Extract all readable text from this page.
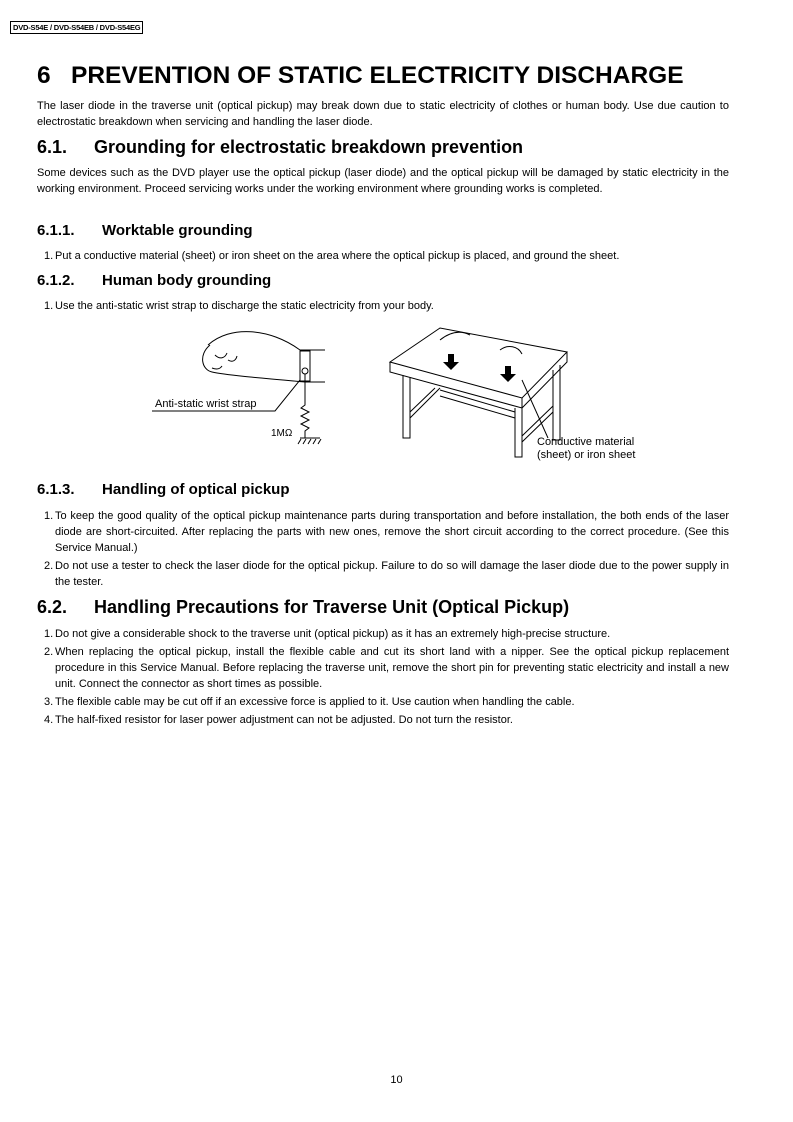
DVD-S54E / DVD-S54EB / DVD-S54EG
6 PREVENTION OF STATIC ELECTRICITY DISCHARGE
The laser diode in the traverse unit (optical pickup) may break down due to static electricity of clothes or human body. Use due caution to electrostatic breakdown when servicing and handling the laser diode.
6.1. Grounding for electrostatic breakdown prevention
Some devices such as the DVD player use the optical pickup (laser diode) and the optical pickup will be damaged by static electricity in the working environment. Proceed servicing works under the working environment where grounding works is completed.
6.1.1. Worktable grounding
1. Put a conductive material (sheet) or iron sheet on the area where the optical pickup is placed, and ground the sheet.
6.1.2. Human body grounding
1. Use the anti-static wrist strap to discharge the static electricity from your body.
Anti-static wrist strap
1MΩ
Conductive material
(sheet) or iron sheet
6.1.3. Handling of optical pickup
1. To keep the good quality of the optical pickup maintenance parts during transportation and before installation, the both ends of the laser diode are short-circuited. After replacing the parts with new ones, remove the short circuit according to the correct procedure. (See this Service Manual.)
2. Do not use a tester to check the laser diode for the optical pickup. Failure to do so will damage the laser diode due to the power supply in the tester.
6.2. Handling Precautions for Traverse Unit (Optical Pickup)
1. Do not give a considerable shock to the traverse unit (optical pickup) as it has an extremely high-precise structure.
2. When replacing the optical pickup, install the flexible cable and cut its short land with a nipper. See the optical pickup replacement procedure in this Service Manual. Before replacing the traverse unit, remove the short pin for preventing static electricity and install a new unit. Connect the connector as short times as possible.
3. The flexible cable may be cut off if an excessive force is applied to it. Use caution when handling the cable.
4. The half-fixed resistor for laser power adjustment can not be adjusted. Do not turn the resistor.
10
